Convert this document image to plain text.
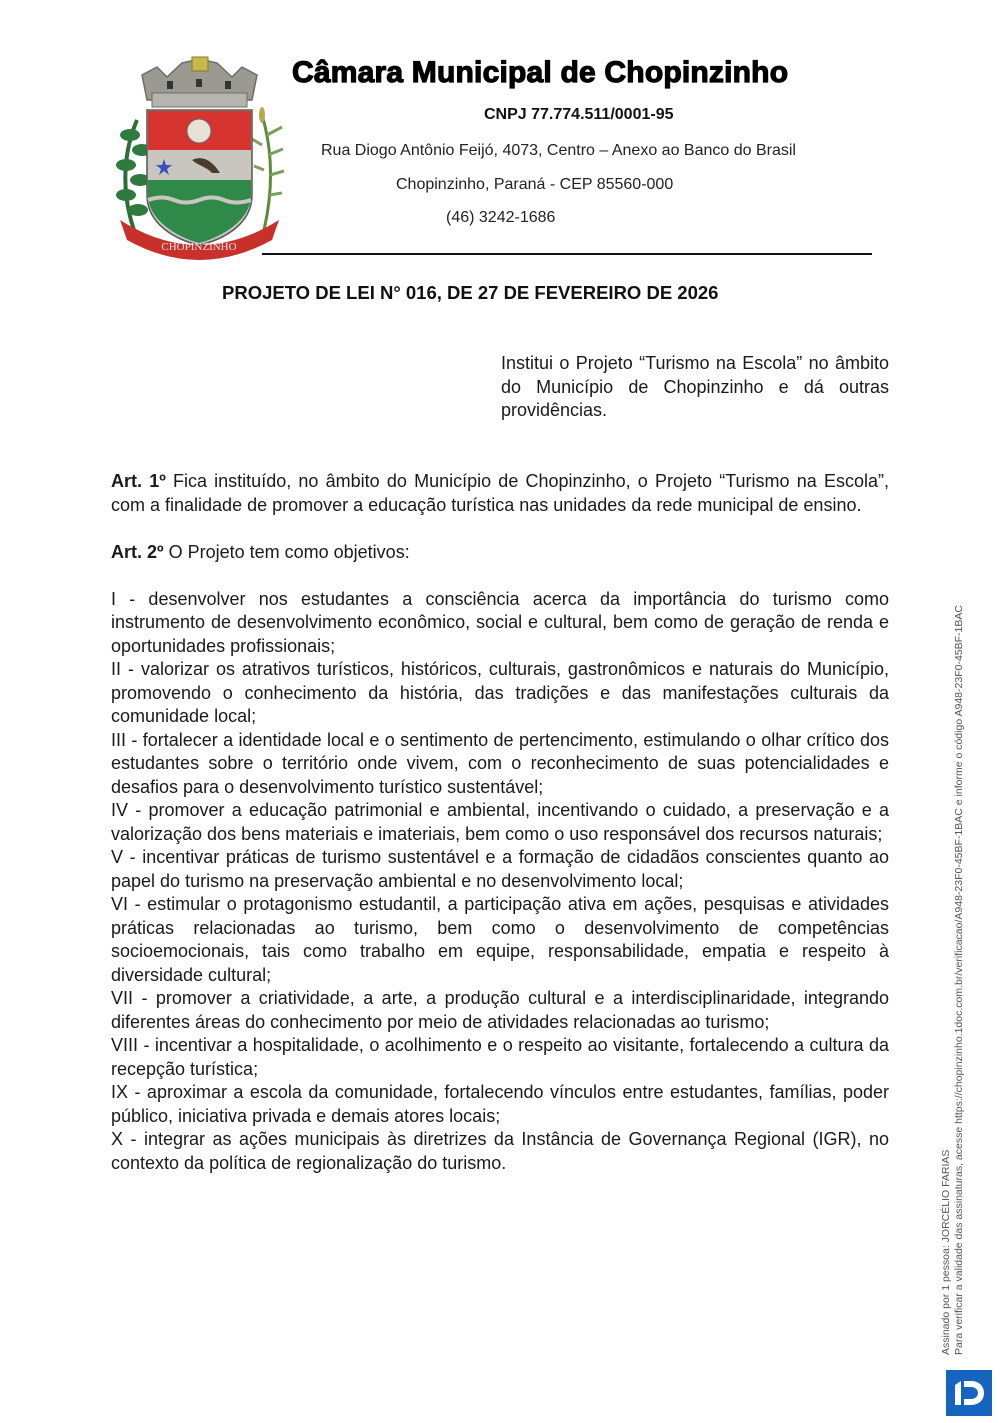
CHOPINZINHO
Câmara Municipal de Chopinzinho
CNPJ 77.774.511/0001-95
Rua Diogo Antônio Feijó, 4073, Centro – Anexo ao Banco do Brasil
Chopinzinho, Paraná - CEP 85560-000
(46) 3242-1686
PROJETO DE LEI N° 016, DE 27 DE FEVEREIRO DE 2026
Institui o Projeto “Turismo na Escola” no âmbito do Município de Chopinzinho e dá outras providências.

Art. 1º Fica instituído, no âmbito do Município de Chopinzinho, o Projeto “Turismo na Escola”, com a finalidade de promover a educação turística nas unidades da rede municipal de ensino.

Art. 2º O Projeto tem como objetivos:

I - desenvolver nos estudantes a consciência acerca da importância do turismo como instrumento de desenvolvimento econômico, social e cultural, bem como de geração de renda e oportunidades profissionais;
II - valorizar os atrativos turísticos, históricos, culturais, gastronômicos e naturais do Município, promovendo o conhecimento da história, das tradições e das manifestações culturais da comunidade local;
III - fortalecer a identidade local e o sentimento de pertencimento, estimulando o olhar crítico dos estudantes sobre o território onde vivem, com o reconhecimento de suas potencialidades e desafios para o desenvolvimento turístico sustentável;
IV - promover a educação patrimonial e ambiental, incentivando o cuidado, a preservação e a valorização dos bens materiais e imateriais, bem como o uso responsável dos recursos naturais;
V - incentivar práticas de turismo sustentável e a formação de cidadãos conscientes quanto ao papel do turismo na preservação ambiental e no desenvolvimento local;
VI - estimular o protagonismo estudantil, a participação ativa em ações, pesquisas e atividades práticas relacionadas ao turismo, bem como o desenvolvimento de competências socioemocionais, tais como trabalho em equipe, responsabilidade, empatia e respeito à diversidade cultural;
VII - promover a criatividade, a arte, a produção cultural e a interdisciplinaridade, integrando diferentes áreas do conhecimento por meio de atividades relacionadas ao turismo;
VIII - incentivar a hospitalidade, o acolhimento e o respeito ao visitante, fortalecendo a cultura da recepção turística;
IX - aproximar a escola da comunidade, fortalecendo vínculos entre estudantes, famílias, poder público, iniciativa privada e demais atores locais;
X - integrar as ações municipais às diretrizes da Instância de Governança Regional (IGR), no contexto da política de regionalização do turismo.	Assinado por 1 pessoa: JORCÉLIO FARIAS Para verificar a validade das assinaturas, acesse https://chopinzinho.1doc.com.br/verificacao/A948-23F0-45BF-1BAC e informe o código A948-23F0-45BF-1BAC
